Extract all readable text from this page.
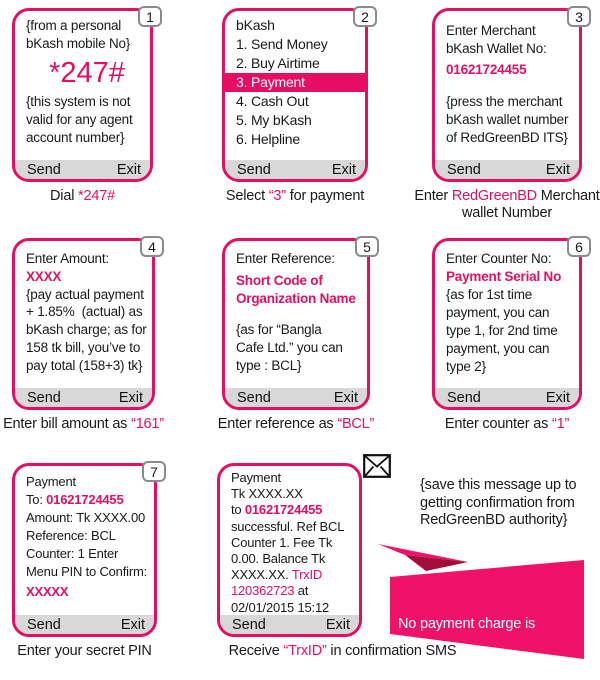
No payment charge is

applicable for using payment

{save this message up to
getting confirmation from
RedGreenBD authority}
{from a personal
bKash mobile No}
*247#
{this system is not
valid for any agent
account number}
Send	Exit
1
Dial *247#
bKash
1. Send Money
2. Buy Airtime
3. Payment
4. Cash Out
5. My bKash
6. Helpline
Send	Exit
2
Select “3” for payment
Enter Merchant
bKash Wallet No:
01621724455
{press the merchant
bKash wallet number
of RedGreenBD ITS}
Send	Exit
3
Enter RedGreenBD Merchant
wallet Number
Enter Amount:
XXXX
{pay actual payment
+ 1.85%  (actual) as
bKash charge; as for
158 tk bill, you’ve to
pay total (158+3) tk}
Send	Exit
4
Enter bill amount as “161”
Enter Reference:
Short Code of
Organization Name
{as for “Bangla
Cafe Ltd.” you can
type : BCL}
Send	Exit
5
Enter reference as “BCL”
Enter Counter No:
Payment Serial No
{as for 1st time
payment, you can
type 1, for 2nd time
payment, you can
type 2}
Send	Exit
6
Enter counter as “1”
Payment
To: 01621724455
Amount: Tk XXXX.00
Reference: BCL
Counter: 1 Enter
Menu PIN to Confirm:
XXXXX
Send	Exit
7
Enter your secret PIN
Payment
Tk XXXX.XX
to 01621724455
successful. Ref BCL
Counter 1. Fee Tk
0.00. Balance Tk
XXXX.XX. TrxID
120362723 at
02/01/2015 15:12
Send	Exit
Receive “TrxID” in confirmation SMS
